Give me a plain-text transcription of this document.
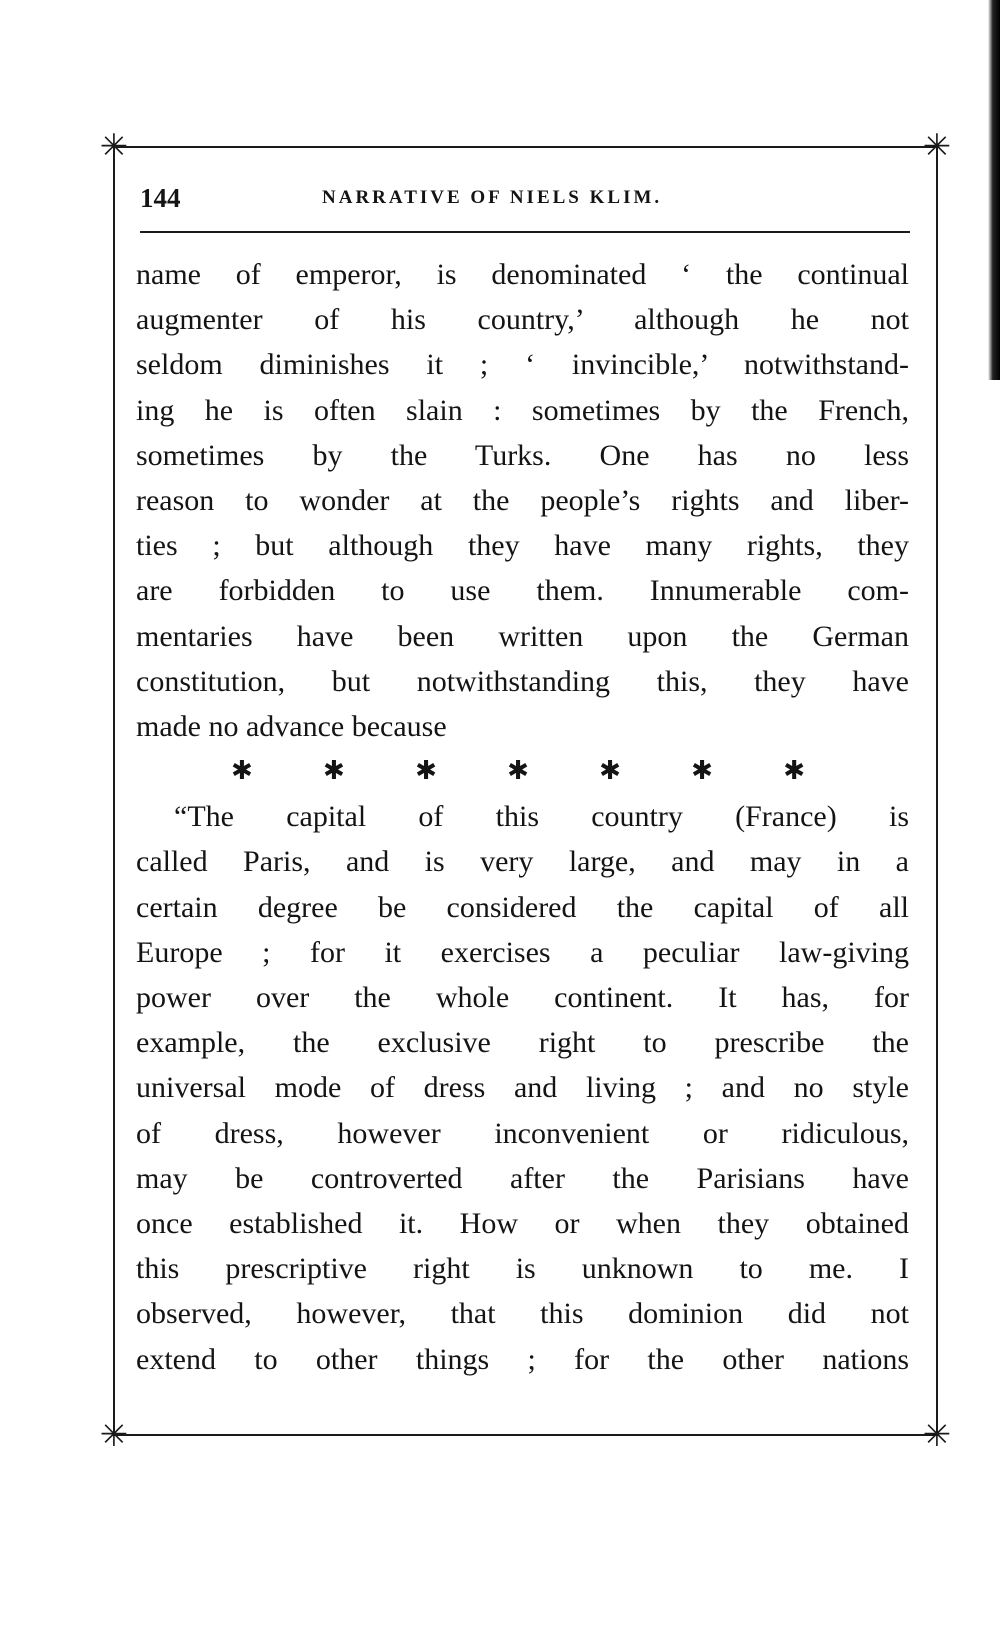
✳	✳
✳	✳
144	NARRATIVE OF NIELS KLIM.
name of emperor, is denominated ‘ the continual
augmenter of his country,’ although he not
seldom diminishes it ; ‘ invincible,’ notwithstand-
ing he is often slain : sometimes by the French,
sometimes by the Turks. One has no less
reason to wonder at the people’s rights and liber-
ties ; but although they have many rights, they
are forbidden to use them. Innumerable com-
mentaries have been written upon the German
constitution, but notwithstanding this, they have
made no advance because
✱	✱	✱	✱	✱	✱	✱
“The capital of this country (France) is
called Paris, and is very large, and may in a
certain degree be considered the capital of all
Europe ; for it exercises a peculiar law-giving
power over the whole continent. It has, for
example, the exclusive right to prescribe the
universal mode of dress and living ; and no style
of dress, however inconvenient or ridiculous,
may be controverted after the Parisians have
once established it. How or when they obtained
this prescriptive right is unknown to me. I
observed, however, that this dominion did not
extend to other things ; for the other nations
